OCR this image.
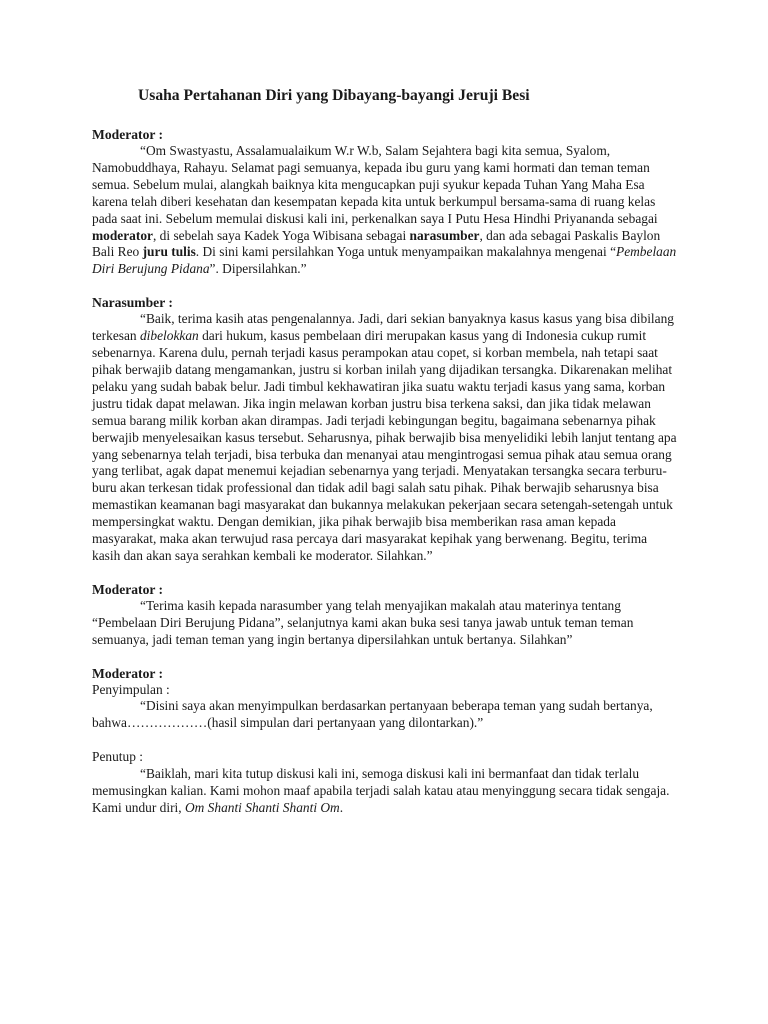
Usaha Pertahanan Diri yang Dibayang-bayangi Jeruji Besi

Moderator :

“Om Swastyastu, Assalamualaikum W.r W.b, Salam Sejahtera bagi kita semua, Syalom, Namobuddhaya, Rahayu. Selamat pagi semuanya, kepada ibu guru yang kami hormati dan teman teman semua. Sebelum mulai, alangkah baiknya kita mengucapkan puji syukur kepada Tuhan Yang Maha Esa karena telah diberi kesehatan dan kesempatan kepada kita untuk berkumpul bersama-sama di ruang kelas pada saat ini. Sebelum memulai diskusi kali ini, perkenalkan saya I Putu Hesa Hindhi Priyananda sebagai moderator, di sebelah saya Kadek Yoga Wibisana sebagai narasumber, dan ada sebagai Paskalis Baylon Bali Reo juru tulis. Di sini kami persilahkan Yoga untuk menyampaikan makalahnya mengenai “Pembelaan Diri Berujung Pidana”. Dipersilahkan.”

Narasumber :

“Baik, terima kasih atas pengenalannya. Jadi, dari sekian banyaknya kasus kasus yang bisa dibilang terkesan dibelokkan dari hukum, kasus pembelaan diri merupakan kasus yang di Indonesia cukup rumit sebenarnya. Karena dulu, pernah terjadi kasus perampokan atau copet, si korban membela, nah tetapi saat pihak berwajib datang mengamankan, justru si korban inilah yang dijadikan tersangka. Dikarenakan melihat pelaku yang sudah babak belur. Jadi timbul kekhawatiran jika suatu waktu terjadi kasus yang sama, korban justru tidak dapat melawan. Jika ingin melawan korban justru bisa terkena saksi, dan jika tidak melawan semua barang milik korban akan dirampas. Jadi terjadi kebingungan begitu, bagaimana sebenarnya pihak berwajib menyelesaikan kasus tersebut. Seharusnya, pihak berwajib bisa menyelidiki lebih lanjut tentang apa yang sebenarnya telah terjadi, bisa terbuka dan menanyai atau mengintrogasi semua pihak atau semua orang yang terlibat, agak dapat menemui kejadian sebenarnya yang terjadi. Menyatakan tersangka secara terburu-buru akan terkesan tidak professional dan tidak adil bagi salah satu pihak. Pihak berwajib seharusnya bisa memastikan keamanan bagi masyarakat dan bukannya melakukan pekerjaan secara setengah-setengah untuk mempersingkat waktu. Dengan demikian, jika pihak berwajib bisa memberikan rasa aman kepada masyarakat, maka akan terwujud rasa percaya dari masyarakat kepihak yang berwenang. Begitu, terima kasih dan akan saya serahkan kembali ke moderator. Silahkan.”

Moderator :

“Terima kasih kepada narasumber yang telah menyajikan makalah atau materinya tentang “Pembelaan Diri Berujung Pidana”, selanjutnya kami akan buka sesi tanya jawab untuk teman teman semuanya, jadi teman teman yang ingin bertanya dipersilahkan untuk bertanya. Silahkan”

Moderator :

Penyimpulan :

“Disini saya akan menyimpulkan berdasarkan pertanyaan beberapa teman yang sudah bertanya, bahwa………………(hasil simpulan dari pertanyaan yang dilontarkan).”

Penutup :

“Baiklah, mari kita tutup diskusi kali ini, semoga diskusi kali ini bermanfaat dan tidak terlalu memusingkan kalian. Kami mohon maaf apabila terjadi salah katau atau menyinggung secara tidak sengaja. Kami undur diri, Om Shanti Shanti Shanti Om.
